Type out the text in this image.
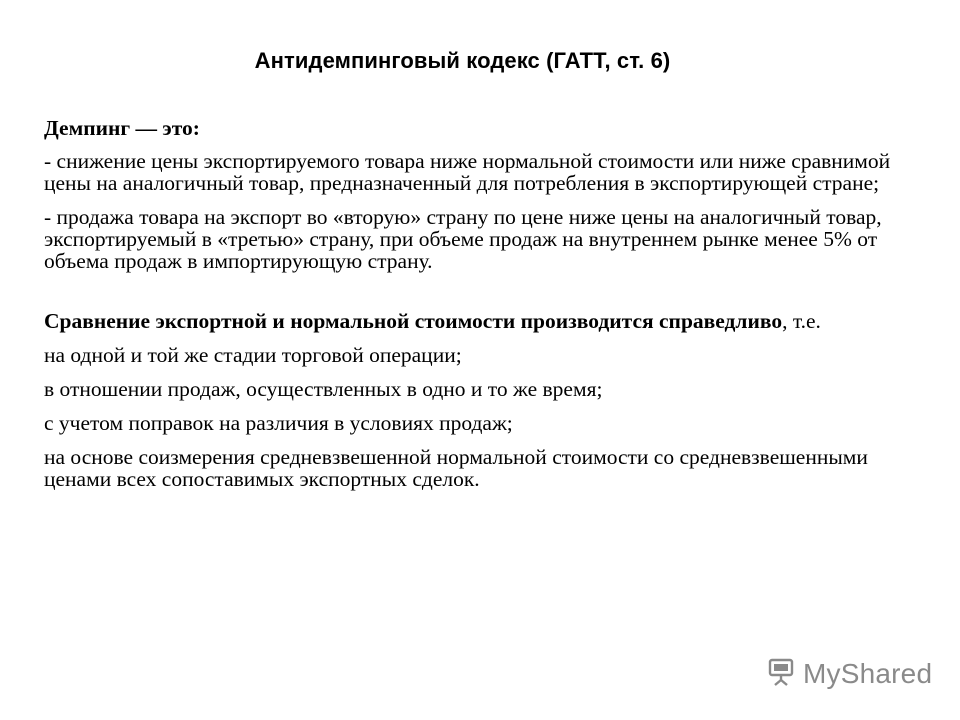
Антидемпинговый кодекс (ГАТТ, ст. 6)

Демпинг — это:

- снижение цены экспортируемого товара ниже нормальной стоимости или ниже сравнимой цены на аналогичный товар, предназначенный для потребления в экспортирующей стране;

- продажа товара на экспорт во «вторую» страну по цене ниже цены на аналогичный товар, экспортируемый в «третью» страну, при объеме продаж на внутреннем рынке менее 5% от объема продаж в импортирующую страну.

Сравнение экспортной и нормальной стоимости производится справедливо, т.е.

на одной и той же стадии торговой операции;

в отношении продаж, осуществленных в одно и то же время;

с учетом поправок на различия в условиях продаж;

на основе соизмерения средневзвешенной нормальной стоимости со средневзвешенными ценами всех сопоставимых экспортных сделок.

MyShared
